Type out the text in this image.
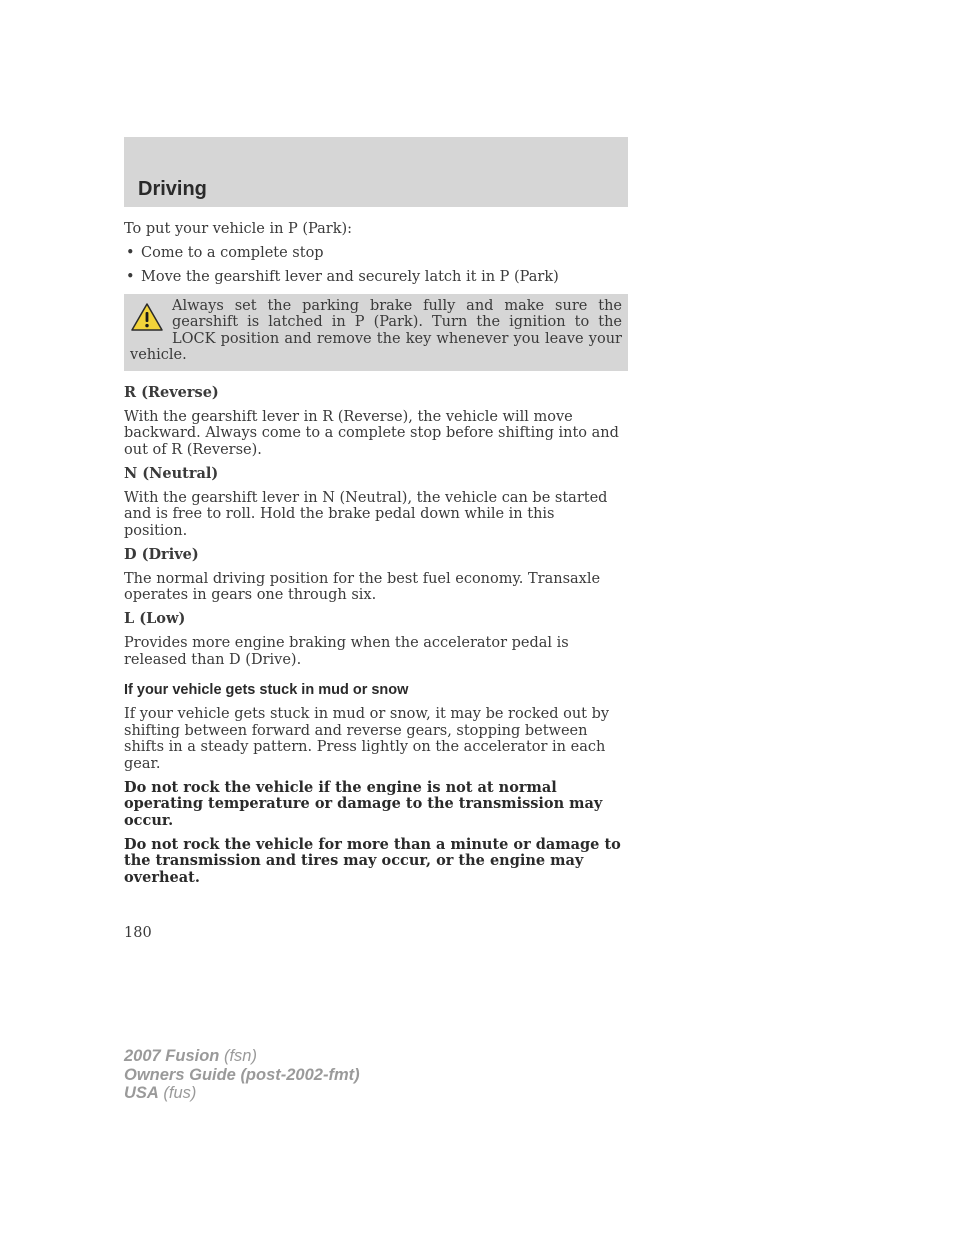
Driving

To put your vehicle in P (Park):

• Come to a complete stop
• Move the gearshift lever and securely latch it in P (Park)

Always set the parking brake fully and make sure the gearshift is latched in P (Park). Turn the ignition to the LOCK position and remove the key whenever you leave your vehicle.

R (Reverse)

With the gearshift lever in R (Reverse), the vehicle will move backward. Always come to a complete stop before shifting into and out of R (Reverse).

N (Neutral)

With the gearshift lever in N (Neutral), the vehicle can be started and is free to roll. Hold the brake pedal down while in this position.

D (Drive)

The normal driving position for the best fuel economy. Transaxle operates in gears one through six.

L (Low)

Provides more engine braking when the accelerator pedal is released than D (Drive).

If your vehicle gets stuck in mud or snow

If your vehicle gets stuck in mud or snow, it may be rocked out by shifting between forward and reverse gears, stopping between shifts in a steady pattern. Press lightly on the accelerator in each gear.

Do not rock the vehicle if the engine is not at normal operating temperature or damage to the transmission may occur.

Do not rock the vehicle for more than a minute or damage to the transmission and tires may occur, or the engine may overheat.

180

2007 Fusion (fsn)
Owners Guide (post-2002-fmt)
USA (fus)
